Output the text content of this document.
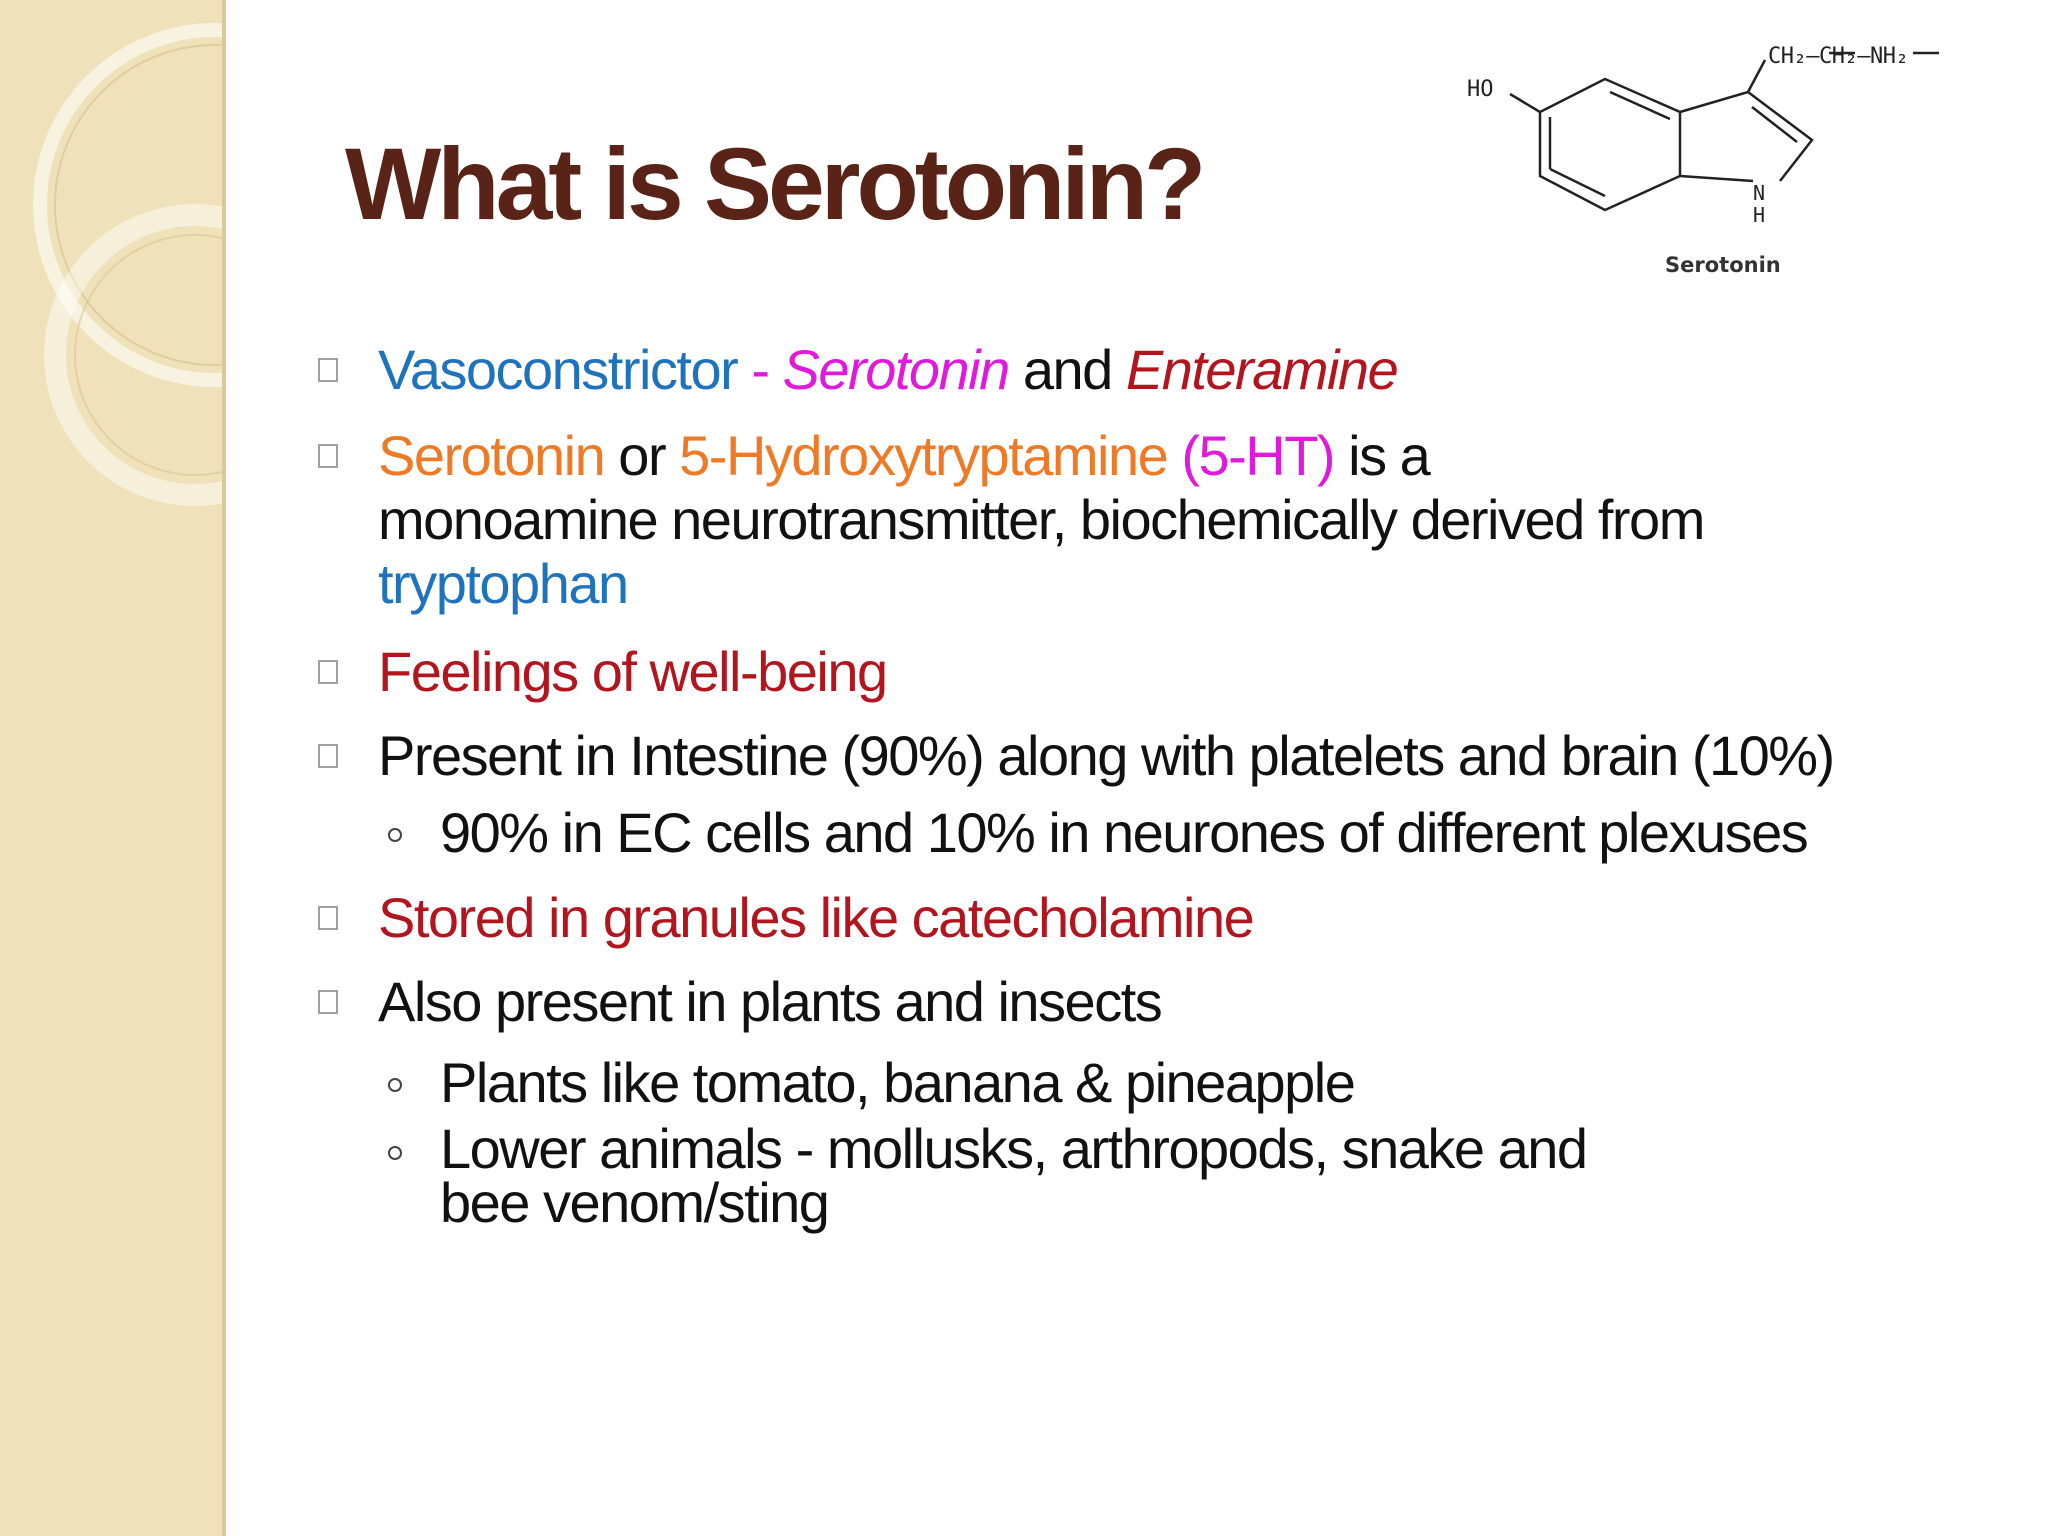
What is Serotonin?
HO
CH₂—CH₂—NH₂
N
H
Serotonin
Vasoconstrictor - Serotonin and Enteramine
Serotonin or 5-Hydroxytryptamine (5-HT) is a
monoamine neurotransmitter, biochemically derived from
tryptophan
Feelings of well-being
Present in Intestine (90%) along with platelets and brain (10%)
90% in EC cells and 10% in neurones of different plexuses
Stored in granules like catecholamine
Also present in plants and insects
Plants like tomato, banana & pineapple
Lower animals - mollusks, arthropods, snake and
bee venom/sting
